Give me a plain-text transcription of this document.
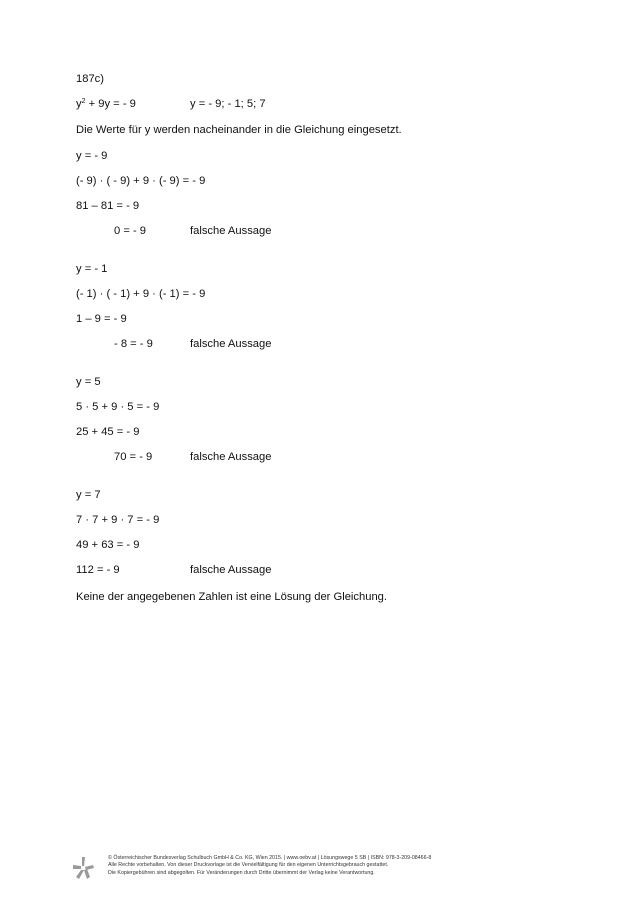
187c)
$y^2 + 9y$ = - 9	y = - 9; - 1; 5; 7
Die Werte für y werden nacheinander in die Gleichung eingesetzt.
y = - 9
(- 9) · ( - 9) + 9 · (- 9) = - 9
81 – 81 = - 9
0 = - 9	falsche Aussage
y = - 1
(- 1) · ( - 1) + 9 · (- 1) = - 9
1 – 9 = - 9
- 8 = - 9	falsche Aussage
y = 5
5 · 5 + 9 · 5 = - 9
25 + 45 = - 9
70 = - 9	falsche Aussage
y = 7
7 · 7 + 9 · 7 = - 9
49 + 63 = - 9
112 = - 9	falsche Aussage
Keine der angegebenen Zahlen ist eine Lösung der Gleichung.
© Österreichischer Bundesverlag Schulbuch GmbH & Co. KG, Wien 2015. | www.oebv.at | Lösungswege 5 SB | ISBN: 978-3-209-08466-8
Alle Rechte vorbehalten. Von dieser Druckvorlage ist die Vervielfältigung für den eigenen Unterrichtsgebrauch gestattet.
Die Kopiergebühren sind abgegolten. Für Veränderungen durch Dritte übernimmt der Verlag keine Verantwortung.
